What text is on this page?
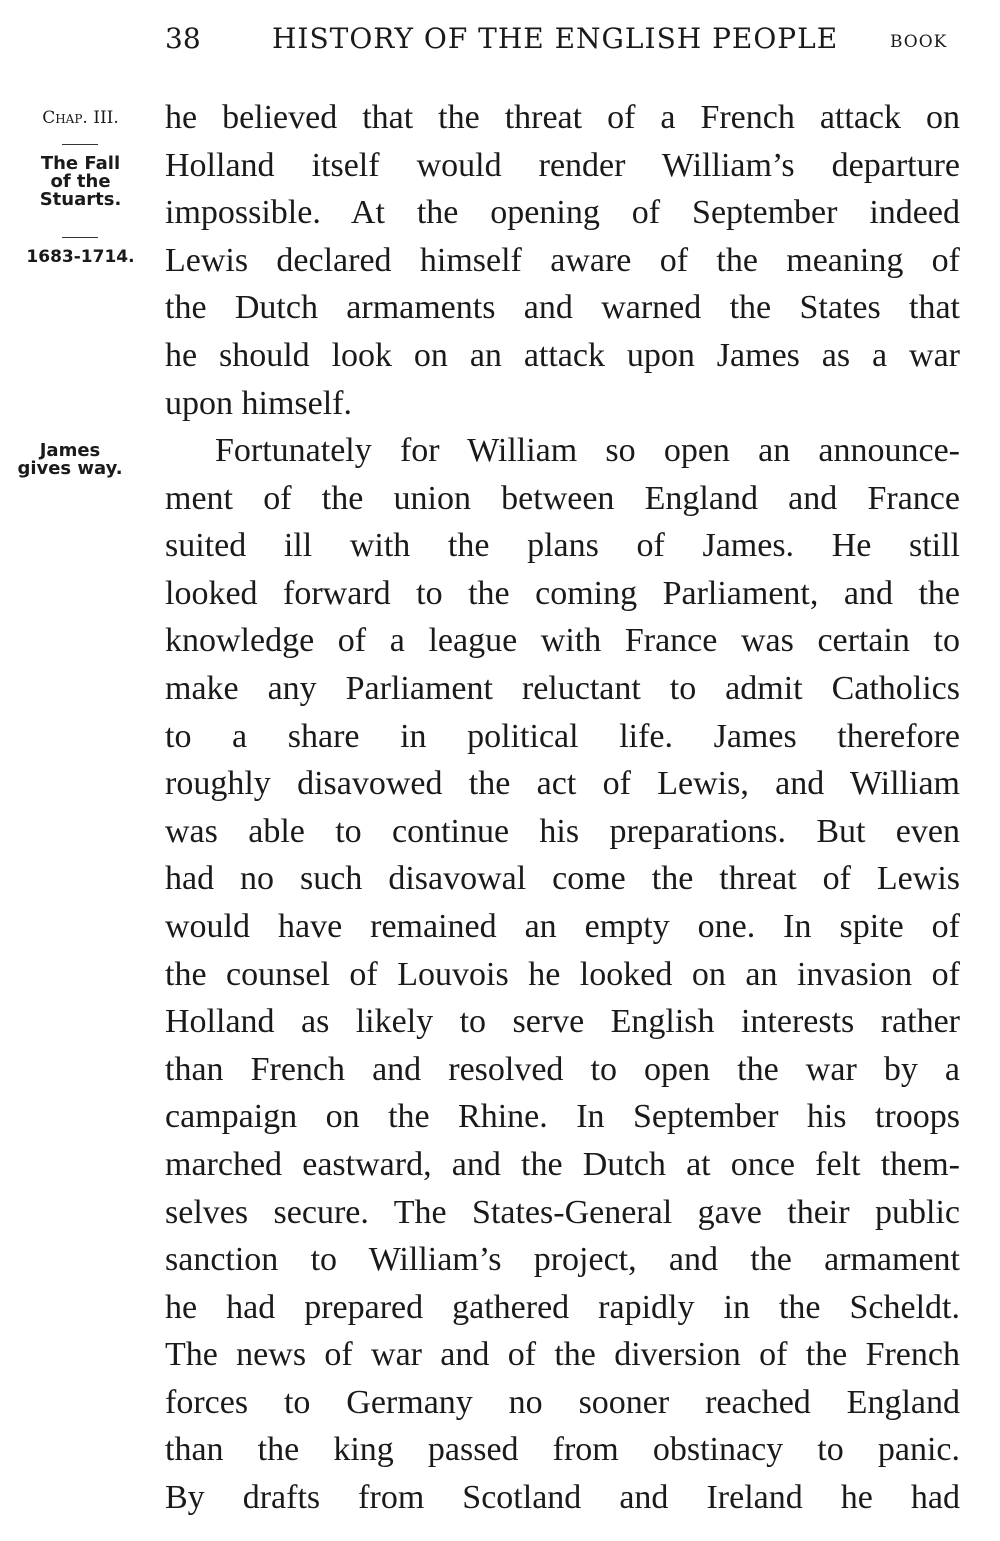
38	HISTORY OF THE ENGLISH PEOPLE	BOOK
Chap. III.
The Fall
of the
Stuarts.
1683-1714.
James
gives way.
he believed that the threat of a French attack on
Holland itself would render William’s departure
impossible. At the opening of September indeed
Lewis declared himself aware of the meaning of
the Dutch armaments and warned the States that
he should look on an attack upon James as a war
upon himself.
Fortunately for William so open an announce-
ment of the union between England and France
suited ill with the plans of James. He still
looked forward to the coming Parliament, and the
knowledge of a league with France was certain to
make any Parliament reluctant to admit Catholics
to a share in political life. James therefore
roughly disavowed the act of Lewis, and William
was able to continue his preparations. But even
had no such disavowal come the threat of Lewis
would have remained an empty one. In spite of
the counsel of Louvois he looked on an invasion of
Holland as likely to serve English interests rather
than French and resolved to open the war by a
campaign on the Rhine. In September his troops
marched eastward, and the Dutch at once felt them-
selves secure. The States-General gave their public
sanction to William’s project, and the armament
he had prepared gathered rapidly in the Scheldt.
The news of war and of the diversion of the French
forces to Germany no sooner reached England
than the king passed from obstinacy to panic.
By drafts from Scotland and Ireland he had
